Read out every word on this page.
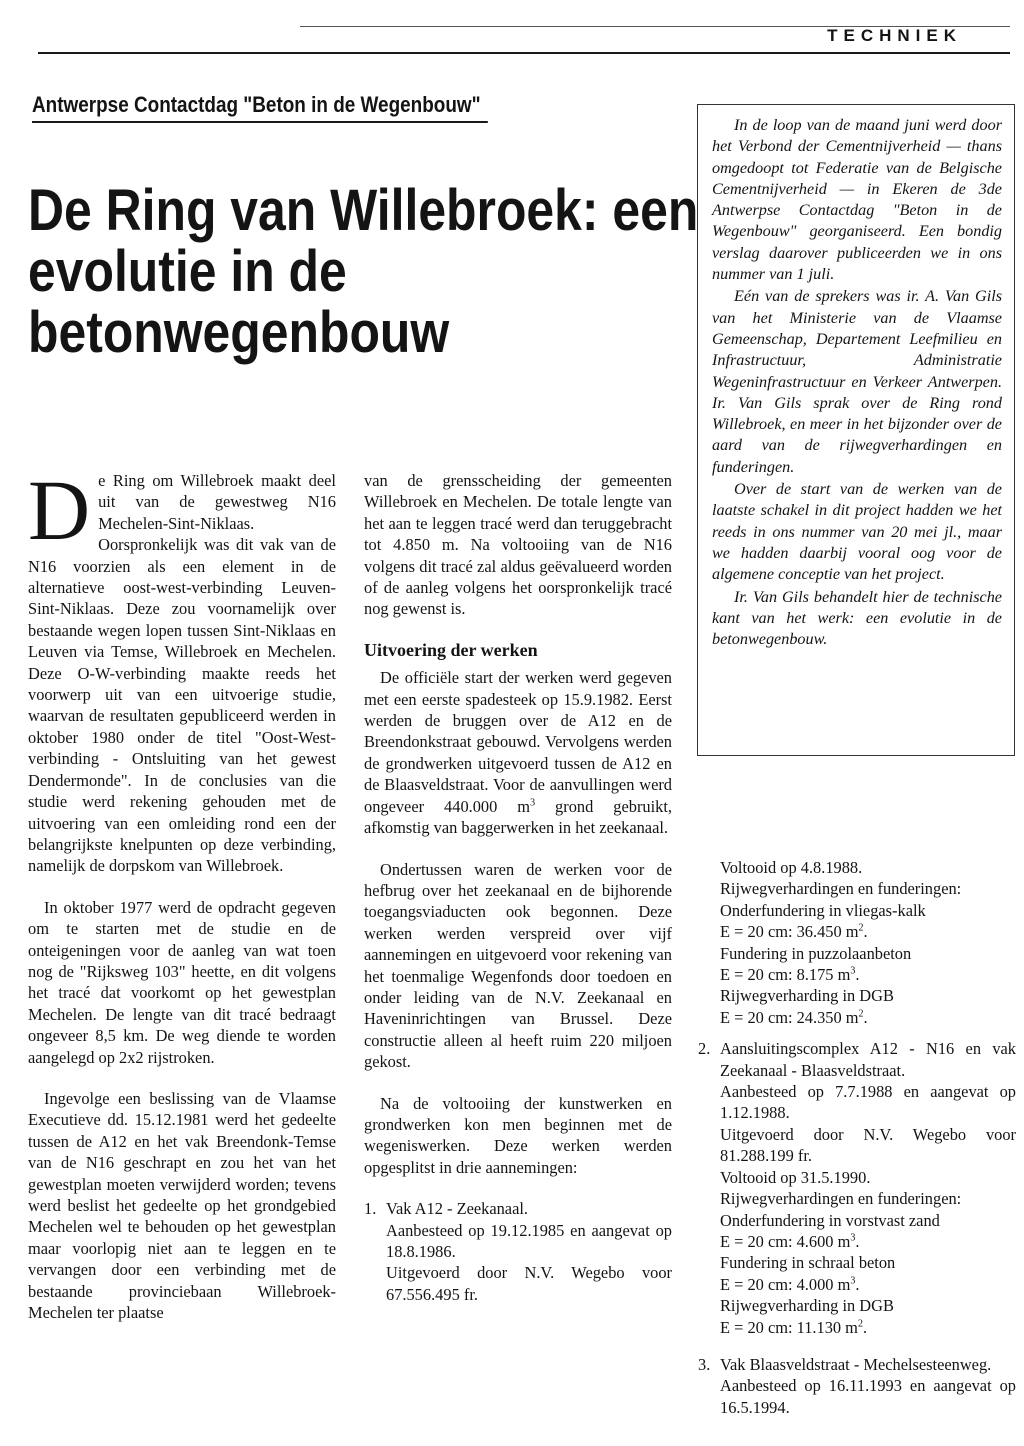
TECHNIEK
Antwerpse Contactdag "Beton in de Wegenbouw"
De Ring van Willebroek: een
evolutie in de
betonwegenbouw

In de loop van de maand juni werd door het Verbond der Cementnijverheid — thans omgedoopt tot Federatie van de Belgische Cementnijverheid — in Ekeren de 3de Antwerpse Contactdag "Beton in de Wegenbouw" georganiseerd. Een bondig verslag daarover publiceerden we in ons nummer van 1 juli.

Eén van de sprekers was ir. A. Van Gils van het Ministerie van de Vlaamse Gemeenschap, Departement Leefmilieu en Infrastructuur, Administratie Wegeninfrastructuur en Verkeer Antwerpen. Ir. Van Gils sprak over de Ring rond Willebroek, en meer in het bijzonder over de aard van de rijwegverhardingen en funderingen.

Over de start van de werken van de laatste schakel in dit project hadden we het reeds in ons nummer van 20 mei jl., maar we hadden daarbij vooral oog voor de algemene conceptie van het project.

Ir. Van Gils behandelt hier de technische kant van het werk: een evolutie in de betonwegenbouw.

De Ring om Willebroek maakt deel uit van de gewestweg N16 Mechelen-Sint-Niklaas. Oorspronkelijk was dit vak van de N16 voorzien als een element in de alternatieve oost-west-verbinding Leuven-Sint-Niklaas. Deze zou voornamelijk over bestaande wegen lopen tussen Sint-Niklaas en Leuven via Temse, Willebroek en Mechelen. Deze O-W-verbinding maakte reeds het voorwerp uit van een uitvoerige studie, waarvan de resultaten gepubliceerd werden in oktober 1980 onder de titel "Oost-West-verbinding - Ontsluiting van het gewest Dendermonde". In de conclusies van die studie werd rekening gehouden met de uitvoering van een omleiding rond een der belangrijkste knelpunten op deze verbinding, namelijk de dorpskom van Willebroek.

In oktober 1977 werd de opdracht gegeven om te starten met de studie en de onteigeningen voor de aanleg van wat toen nog de "Rijksweg 103" heette, en dit volgens het tracé dat voorkomt op het gewestplan Mechelen. De lengte van dit tracé bedraagt ongeveer 8,5 km. De weg diende te worden aangelegd op 2x2 rijstroken.

Ingevolge een beslissing van de Vlaamse Executieve dd. 15.12.1981 werd het gedeelte tussen de A12 en het vak Breendonk-Temse van de N16 geschrapt en zou het van het gewestplan moeten verwijderd worden; tevens werd beslist het gedeelte op het grondgebied Mechelen wel te behouden op het gewestplan maar voorlopig niet aan te leggen en te vervangen door een verbinding met de bestaande provinciebaan Willebroek-Mechelen ter plaatse

van de grensscheiding der gemeenten Willebroek en Mechelen. De totale lengte van het aan te leggen tracé werd dan teruggebracht tot 4.850 m. Na voltooiing van de N16 volgens dit tracé zal aldus geëvalueerd worden of de aanleg volgens het oorspronkelijk tracé nog gewenst is.

Uitvoering der werken

De officiële start der werken werd gegeven met een eerste spadesteek op 15.9.1982. Eerst werden de bruggen over de A12 en de Breendonkstraat gebouwd. Vervolgens werden de grondwerken uitgevoerd tussen de A12 en de Blaasveldstraat. Voor de aanvullingen werd ongeveer 440.000 $m^3$ grond gebruikt, afkomstig van baggerwerken in het zeekanaal.

Ondertussen waren de werken voor de hefbrug over het zeekanaal en de bijhorende toegangsviaducten ook begonnen. Deze werken werden verspreid over vijf aannemingen en uitgevoerd voor rekening van het toenmalige Wegenfonds door toedoen en onder leiding van de N.V. Zeekanaal en Haveninrichtingen van Brussel. Deze constructie alleen al heeft ruim 220 miljoen gekost.

Na de voltooiing der kunstwerken en grondwerken kon men beginnen met de wegeniswerken. Deze werken werden opgesplitst in drie aannemingen:

1. Vak A12 - Zeekanaal.
Aanbesteed op 19.12.1985 en aangevat op 18.8.1986.
Uitgevoerd door N.V. Wegebo voor 67.556.495 fr.
Voltooid op 4.8.1988.
Rijwegverhardingen en funderingen:
Onderfundering in vliegas-kalk
E = 20 cm: 36.450 $m^2$.
Fundering in puzzolaanbeton
E = 20 cm: 8.175 $m^3$.
Rijwegverharding in DGB
E = 20 cm: 24.350 $m^2$.
2. Aansluitingscomplex A12 - N16 en vak Zeekanaal - Blaasveldstraat.
Aanbesteed op 7.7.1988 en aangevat op 1.12.1988.
Uitgevoerd door N.V. Wegebo voor 81.288.199 fr.
Voltooid op 31.5.1990.
Rijwegverhardingen en funderingen:
Onderfundering in vorstvast zand
E = 20 cm: 4.600 $m^3$.
Fundering in schraal beton
E = 20 cm: 4.000 $m^3$.
Rijwegverharding in DGB
E = 20 cm: 11.130 $m^2$.
3. Vak Blaasveldstraat - Mechelsesteenweg.
Aanbesteed op 16.11.1993 en aangevat op 16.5.1994.
